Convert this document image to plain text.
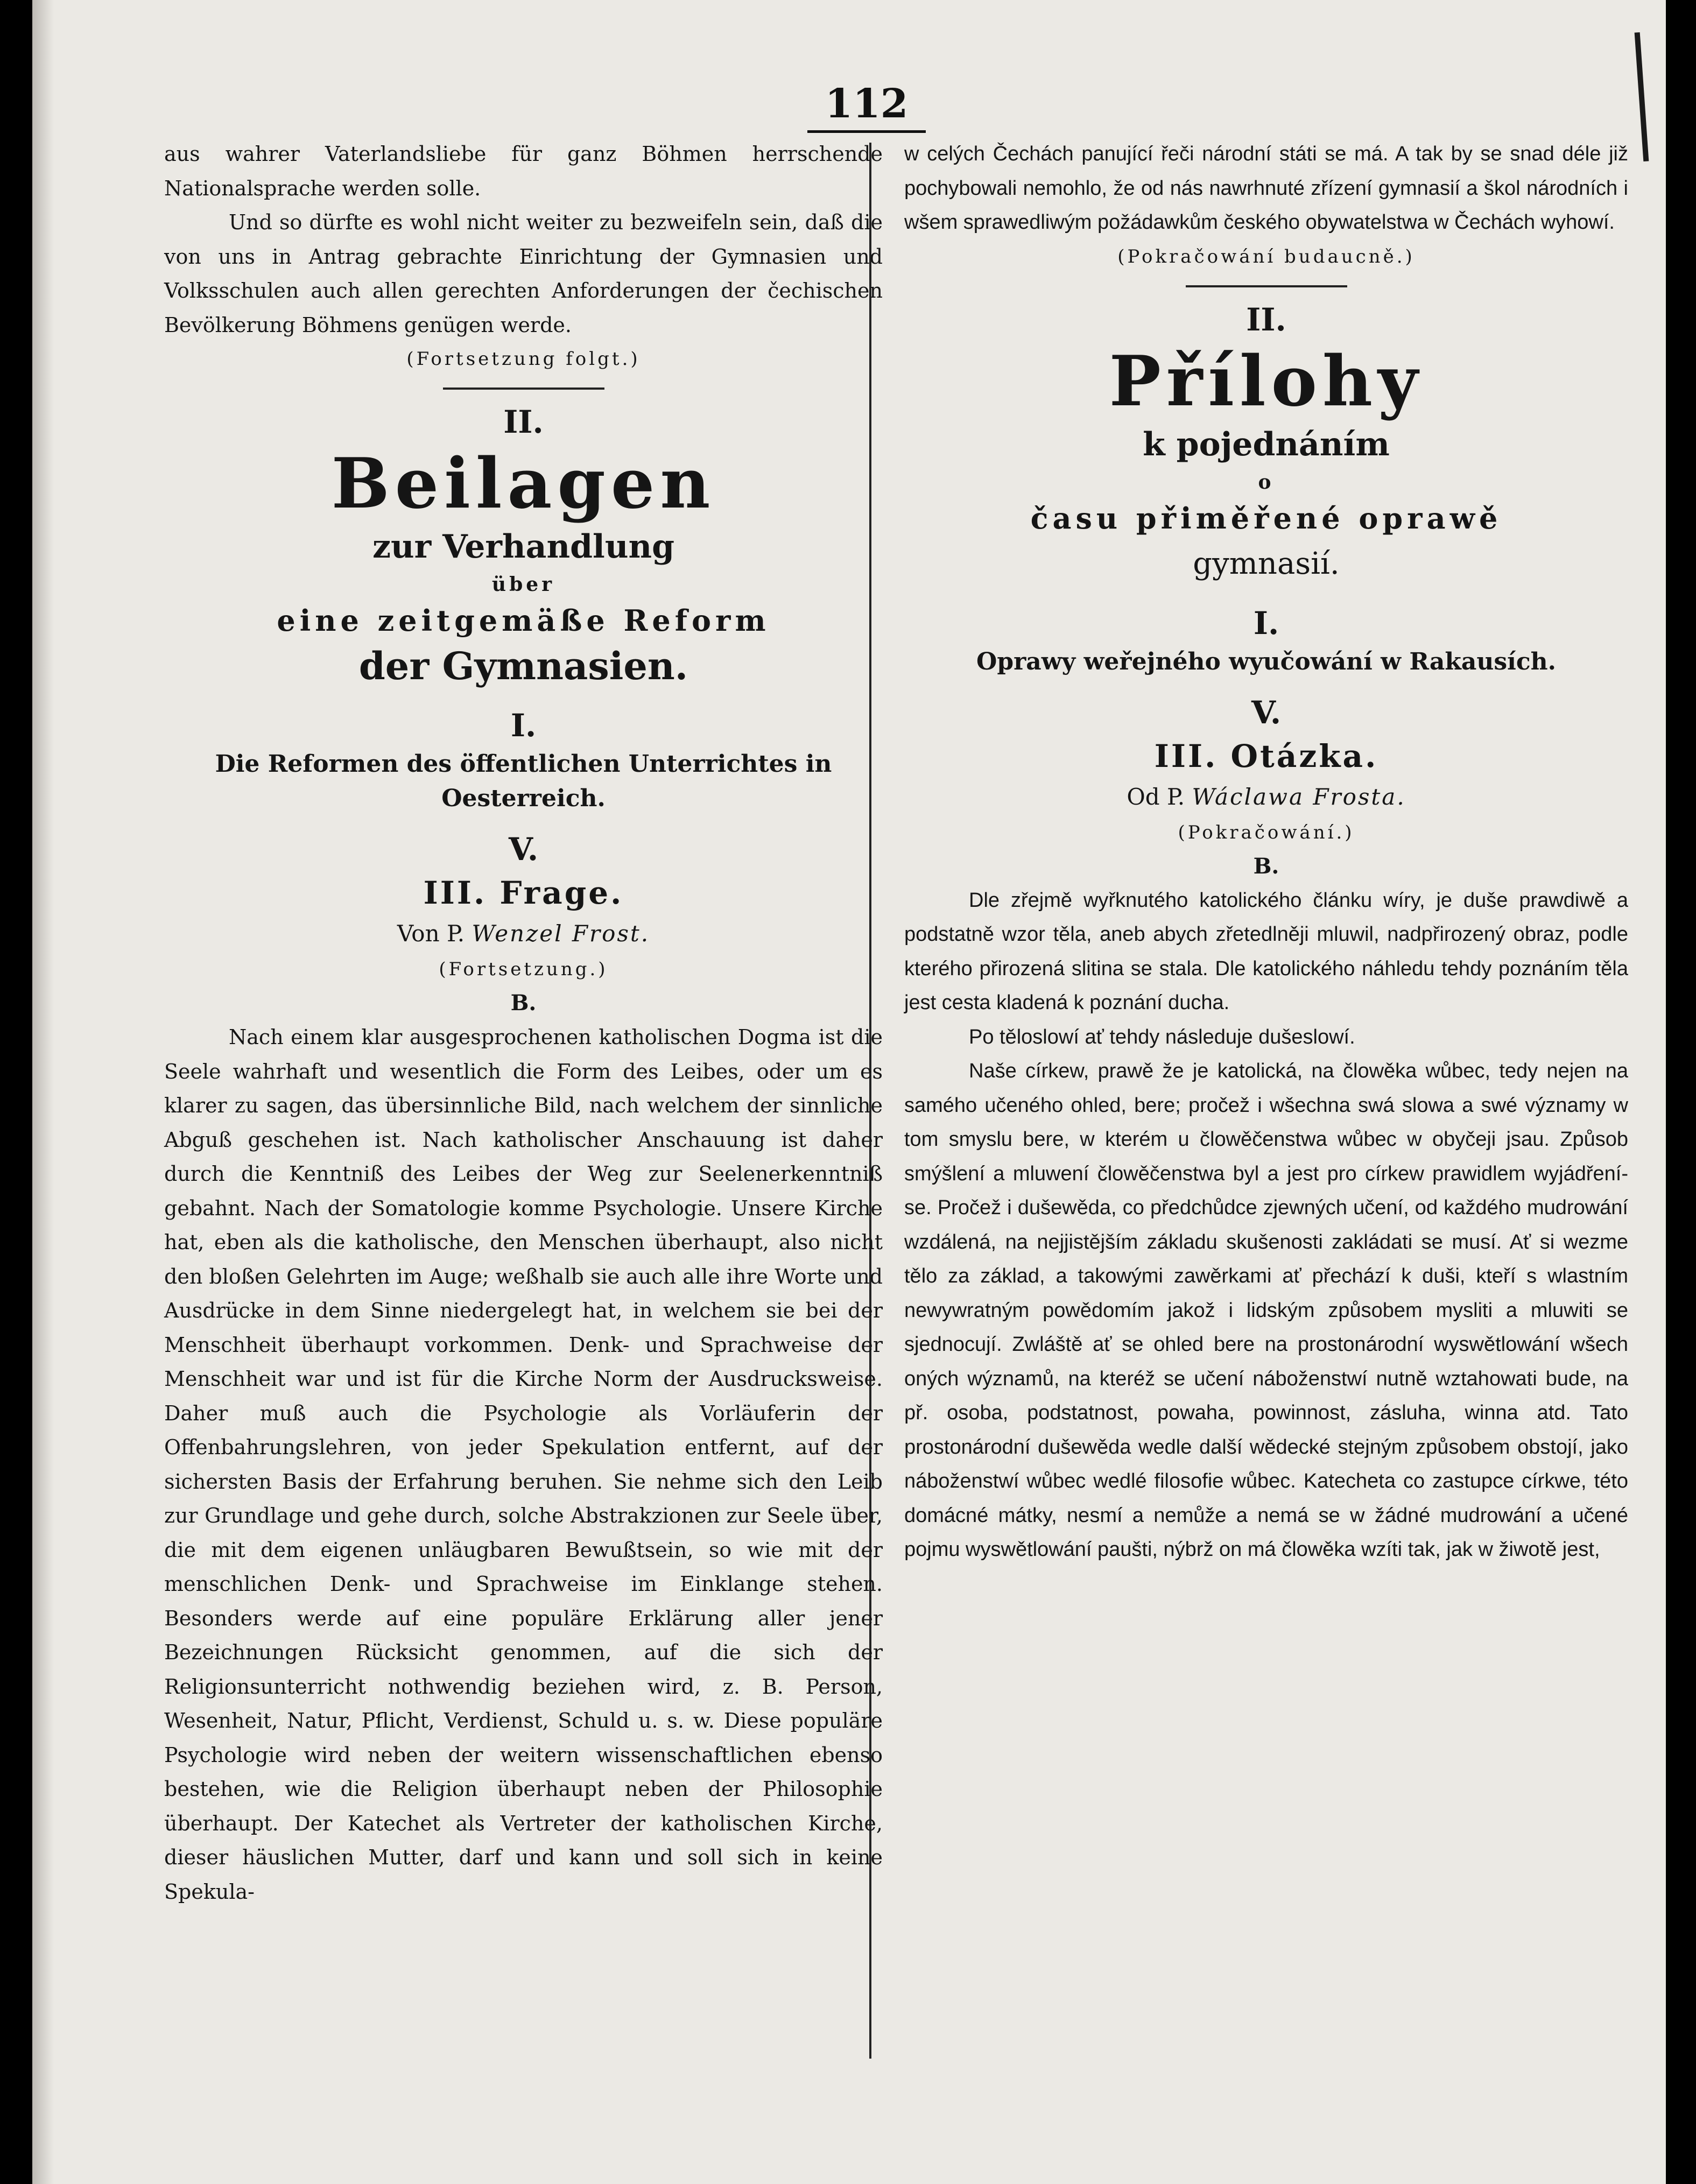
112

aus wahrer Vaterlandsliebe für ganz Böhmen herrschende Nationalsprache werden solle.

Und so dürfte es wohl nicht weiter zu bezweifeln sein, daß die von uns in Antrag gebrachte Einrichtung der Gymnasien und Volksschulen auch allen gerechten Anforderungen der čechischen Bevölkerung Böhmens genügen werde.

(Fortsetzung folgt.)

II.

Beilagen

zur Verhandlung

über

eine zeitgemäße Reform

der Gymnasien.

I.

Die Reformen des öffentlichen Unterrichtes in Oesterreich.

V.

III. Frage.

Von P. Wenzel Frost.

(Fortsetzung.)

B.

Nach einem klar ausgesprochenen katholischen Dogma ist die Seele wahrhaft und wesentlich die Form des Leibes, oder um es klarer zu sagen, das übersinnliche Bild, nach welchem der sinnliche Abguß geschehen ist. Nach katholischer Anschauung ist daher durch die Kenntniß des Leibes der Weg zur Seelenerkenntniß gebahnt. Nach der Somatologie komme Psychologie. Unsere Kirche hat, eben als die katholische, den Menschen überhaupt, also nicht den bloßen Gelehrten im Auge; weßhalb sie auch alle ihre Worte und Ausdrücke in dem Sinne niedergelegt hat, in welchem sie bei der Menschheit überhaupt vorkommen. Denk- und Sprachweise der Menschheit war und ist für die Kirche Norm der Ausdrucksweise. Daher muß auch die Psychologie als Vorläuferin der Offenbahrungslehren, von jeder Spekulation entfernt, auf der sichersten Basis der Erfahrung beruhen. Sie nehme sich den Leib zur Grundlage und gehe durch, solche Abstrakzionen zur Seele über, die mit dem eigenen unläugbaren Bewußtsein, so wie mit der menschlichen Denk- und Sprachweise im Einklange stehen. Besonders werde auf eine populäre Erklärung aller jener Bezeichnungen Rücksicht genommen, auf die sich der Religionsunterricht nothwendig beziehen wird, z. B. Person, Wesenheit, Natur, Pflicht, Verdienst, Schuld u. s. w. Diese populäre Psychologie wird neben der weitern wissenschaftlichen ebenso bestehen, wie die Religion überhaupt neben der Philosophie überhaupt. Der Katechet als Vertreter der katholischen Kirche, dieser häuslichen Mutter, darf und kann und soll sich in keine Spekula-

w celých Čechách panující řeči národní státi se má. A tak by se snad déle již pochybowali nemohlo, že od nás nawrhnuté zřízení gymnasií a škol národních i wšem sprawedliwým požádawkům českého obywatelstwa w Čechách wyhowí.

(Pokračowání budaucně.)

II.

Přílohy

k pojednáním

o

času přiměřené oprawě

gymnasií.

I.

Oprawy weřejného wyučowání w Rakausích.

V.

III. Otázka.

Od P. Wáclawa Frosta.

(Pokračowání.)

B.

Dle zřejmě wyřknutého katolického článku wíry, je duše prawdiwě a podstatně wzor těla, aneb abych zřetedlněji mluwil, nadpřirozený obraz, podle kterého přirozená slitina se stala. Dle katolického náhledu tehdy poznáním těla jest cesta kladená k poznání ducha.

Po těloslowí ať tehdy následuje dušeslowí.

Naše církew, prawě že je katolická, na člowěka wůbec, tedy nejen na samého učeného ohled, bere; pročež i wšechna swá slowa a swé významy w tom smyslu bere, w kterém u člowěčenstwa wůbec w obyčeji jsau. Způsob smýšlení a mluwení člowěčenstwa byl a jest pro církew prawidlem wyjádření-se. Pročež i dušewěda, co předchůdce zjewných učení, od každého mudrowání wzdálená, na nejjistějším základu skušenosti zakládati se musí. Ať si wezme tělo za základ, a takowými zawěrkami ať přechází k duši, kteří s wlastním newywratným powědomím jakož i lidským způsobem mysliti a mluwiti se sjednocují. Zwláště ať se ohled bere na prostonárodní wyswětlowání wšech oných wýznamů, na kteréž se učení náboženstwí nutně wztahowati bude, na př. osoba, podstatnost, powaha, powinnost, zásluha, winna atd. Tato prostonárodní dušewěda wedle další wědecké stejným způsobem obstojí, jako náboženstwí wůbec wedlé filosofie wůbec. Katecheta co zastupce církwe, této domácné mátky, nesmí a nemůže a nemá se w žádné mudrowání a učené pojmu wyswětlowání paušti, nýbrž on má člowěka wzíti tak, jak w žiwotě jest,
